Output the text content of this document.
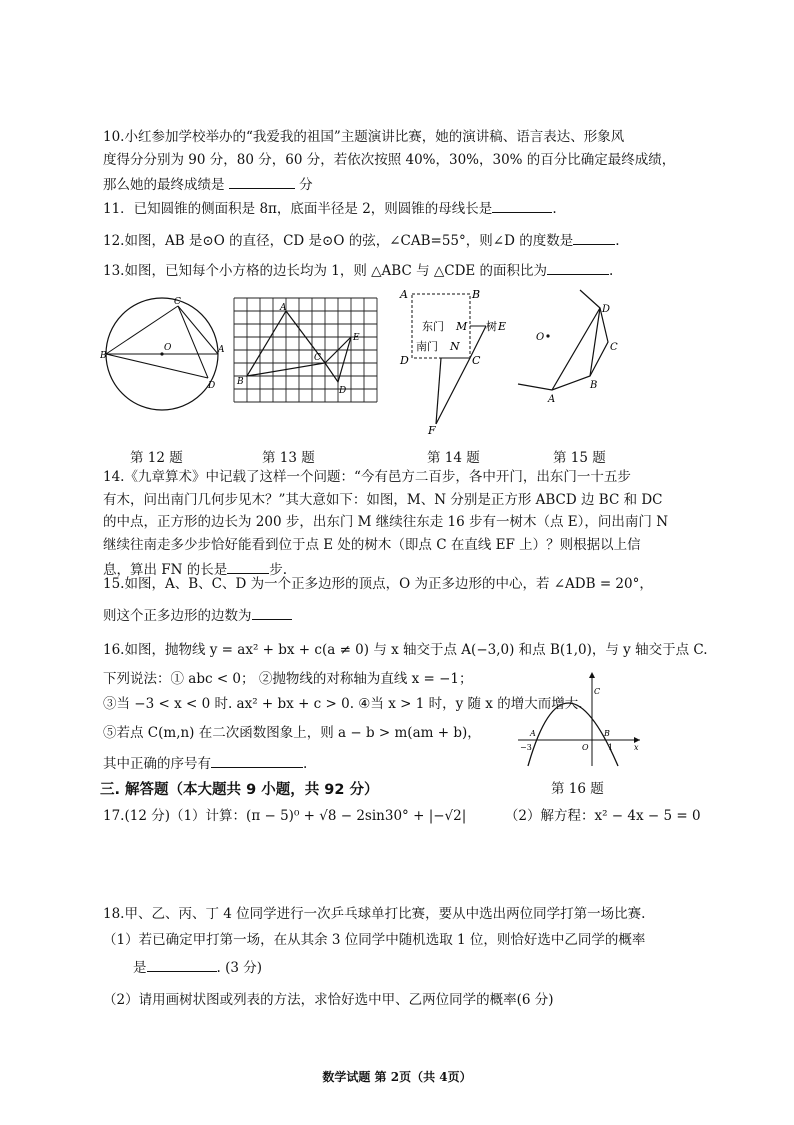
10.小红参加学校举办的“我爱我的祖国”主题演讲比赛，她的演讲稿、语言表达、形象风
度得分分别为 90 分，80 分，60 分，若依次按照 40%，30%，30% 的百分比确定最终成绩，
那么她的最终成绩是	分
11．已知圆锥的侧面积是 8π，底面半径是 2，则圆锥的母线长是	.
12.如图，AB 是⊙O 的直径，CD 是⊙O 的弦，∠CAB=55°，则∠D 的度数是	.
13.如图，已知每个小方格的边长均为 1，则 △ABC 与 △CDE 的面积比为	.
O
C
B
A
D
A
B
C
E
D
A	B
D	C
M
N
E
F
东门
南门
树
O
A
B
C
D
第 12 题	第 13 题	第 14 题	第 15 题
14.《九章算术》中记载了这样一个问题：“今有邑方二百步，各中开门，出东门一十五步
有木，问出南门几何步见木？”其大意如下：如图，M、N 分别是正方形 ABCD 边 BC 和 DC
的中点，正方形的边长为 200 步，出东门 M 继续往东走 16 步有一树木（点 E），问出南门 N
继续往南走多少步恰好能看到位于点 E 处的树木（即点 C 在直线 EF 上）？则根据以上信
息，算出 FN 的长是	步.
15.如图，A、B、C、D 为一个正多边形的顶点，O 为正多边形的中心，若 ∠ADB = 20°，
则这个正多边形的边数为
16.如图，抛物线 y = ax² + bx + c(a ≠ 0) 与 x 轴交于点 A(−3,0) 和点 B(1,0)，与 y 轴交于点 C.
下列说法：① abc < 0； ②抛物线的对称轴为直线 x = −1；
③当 −3 < x < 0 时. ax² + bx + c > 0. ④当 x > 1 时，y 随 x 的增大而增大.
⑤若点 C(m,n) 在二次函数图象上，则 a − b > m(am + b)，
其中正确的序号有	.
A	B
C
O
−3	1	x
第 16 题
三. 解答题（本大题共 9 小题，共 92 分）
17.(12 分)（1）计算：(π − 5)⁰ + √8 − 2sin30° + |−√2|	（2）解方程：x² − 4x − 5 = 0
18.甲、乙、丙、丁 4 位同学进行一次乒乓球单打比赛，要从中选出两位同学打第一场比赛.
（1）若已确定甲打第一场，在从其余 3 位同学中随机选取 1 位，则恰好选中乙同学的概率
是	. (3 分)
（2）请用画树状图或列表的方法，求恰好选中甲、乙两位同学的概率(6 分)
数学试题 第 2页（共 4页）
